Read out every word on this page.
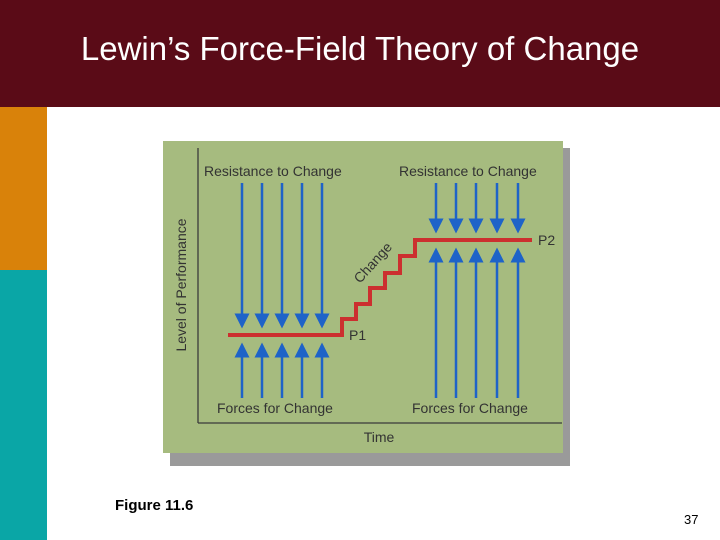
Lewin’s Force-Field Theory of Change
Level of Performance
Time
Resistance to Change	Resistance to Change
Forces for Change	Forces for Change
Change
P1
P2
Figure 11.6
37
